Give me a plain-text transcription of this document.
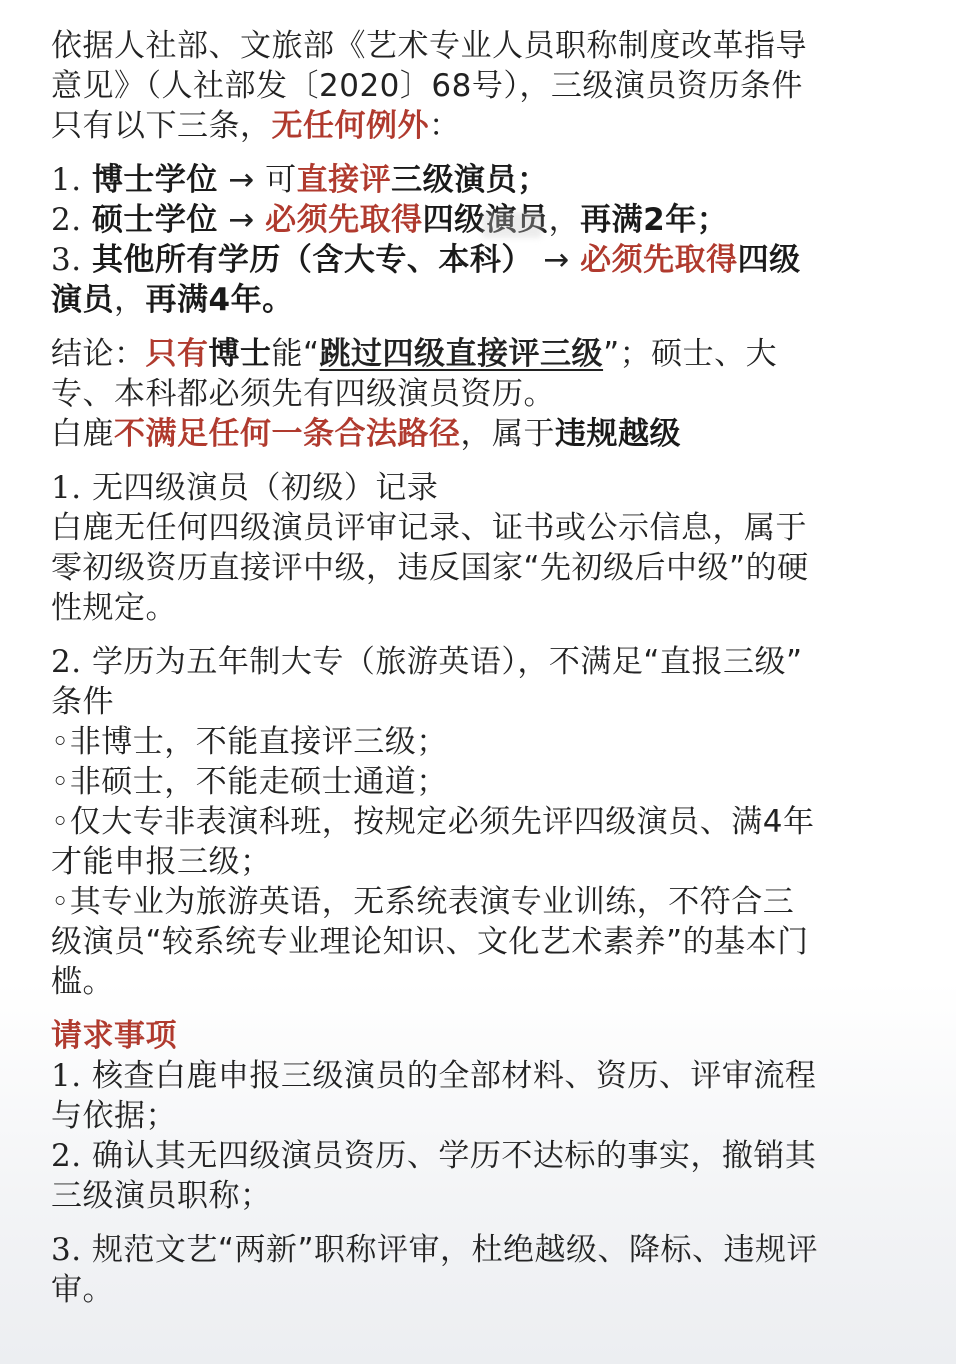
依据人社部、文旅部《艺术专业人员职称制度改革指导

意见》（人社部发〔2020〕68号），三级演员资历条件

只有以下三条，无任何例外：

1. 博士学位 → 可直接评三级演员；

2. 硕士学位 → 必须先取得四级演员，再满2年；

3. 其他所有学历（含大专、本科） → 必须先取得四级

演员，再满4年。

结论：只有博士能“跳过四级直接评三级”；硕士、大

专、本科都必须先有四级演员资历。

白鹿不满足任何一条合法路径，属于违规越级

1. 无四级演员（初级）记录

白鹿无任何四级演员评审记录、证书或公示信息，属于

零初级资历直接评中级，违反国家“先初级后中级”的硬

性规定。

2. 学历为五年制大专（旅游英语），不满足“直报三级”

条件

◦非博士，不能直接评三级；

◦非硕士，不能走硕士通道；

◦仅大专非表演科班，按规定必须先评四级演员、满4年

才能申报三级；

◦其专业为旅游英语，无系统表演专业训练，不符合三

级演员“较系统专业理论知识、文化艺术素养”的基本门

槛。

请求事项

1. 核查白鹿申报三级演员的全部材料、资历、评审流程

与依据；

2. 确认其无四级演员资历、学历不达标的事实，撤销其

三级演员职称；

3. 规范文艺“两新”职称评审，杜绝越级、降标、违规评

审。
